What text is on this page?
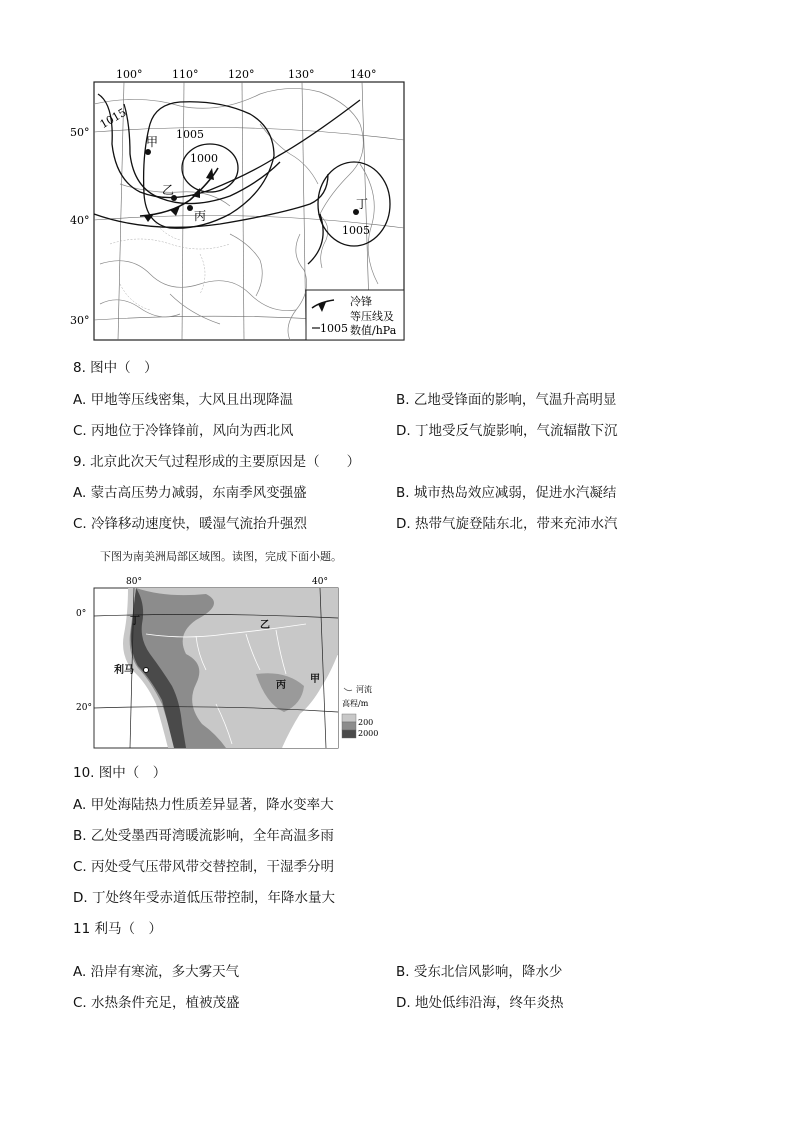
100°	110°	120°	130°	140°
50°
40°
30°
1015
1005
1000
1005
甲
乙
丙
丁
冷锋
等压线及
数值/hPa
1005
8. 图中（　）
A. 甲地等压线密集，大风且出现降温	B. 乙地受锋面的影响，气温升高明显
C. 丙地位于冷锋锋前，风向为西北风	D. 丁地受反气旋影响，气流辐散下沉
9. 北京此次天气过程形成的主要原因是（　　）
A. 蒙古高压势力减弱，东南季风变强盛	B. 城市热岛效应减弱，促进水汽凝结
C. 冷锋移动速度快，暖湿气流抬升强烈	D. 热带气旋登陆东北，带来充沛水汽
下图为南美洲局部区域图。读图，完成下面小题。
80°	40°
0°
20°
丁	乙
利马
丙
甲
河流
高程/m
200
2000
10. 图中（　）
A. 甲处海陆热力性质差异显著，降水变率大
B. 乙处受墨西哥湾暖流影响，全年高温多雨
C. 丙处受气压带风带交替控制，干湿季分明
D. 丁处终年受赤道低压带控制，年降水量大
11 利马（　）
A. 沿岸有寒流，多大雾天气	B. 受东北信风影响，降水少
C. 水热条件充足，植被茂盛	D. 地处低纬沿海，终年炎热
